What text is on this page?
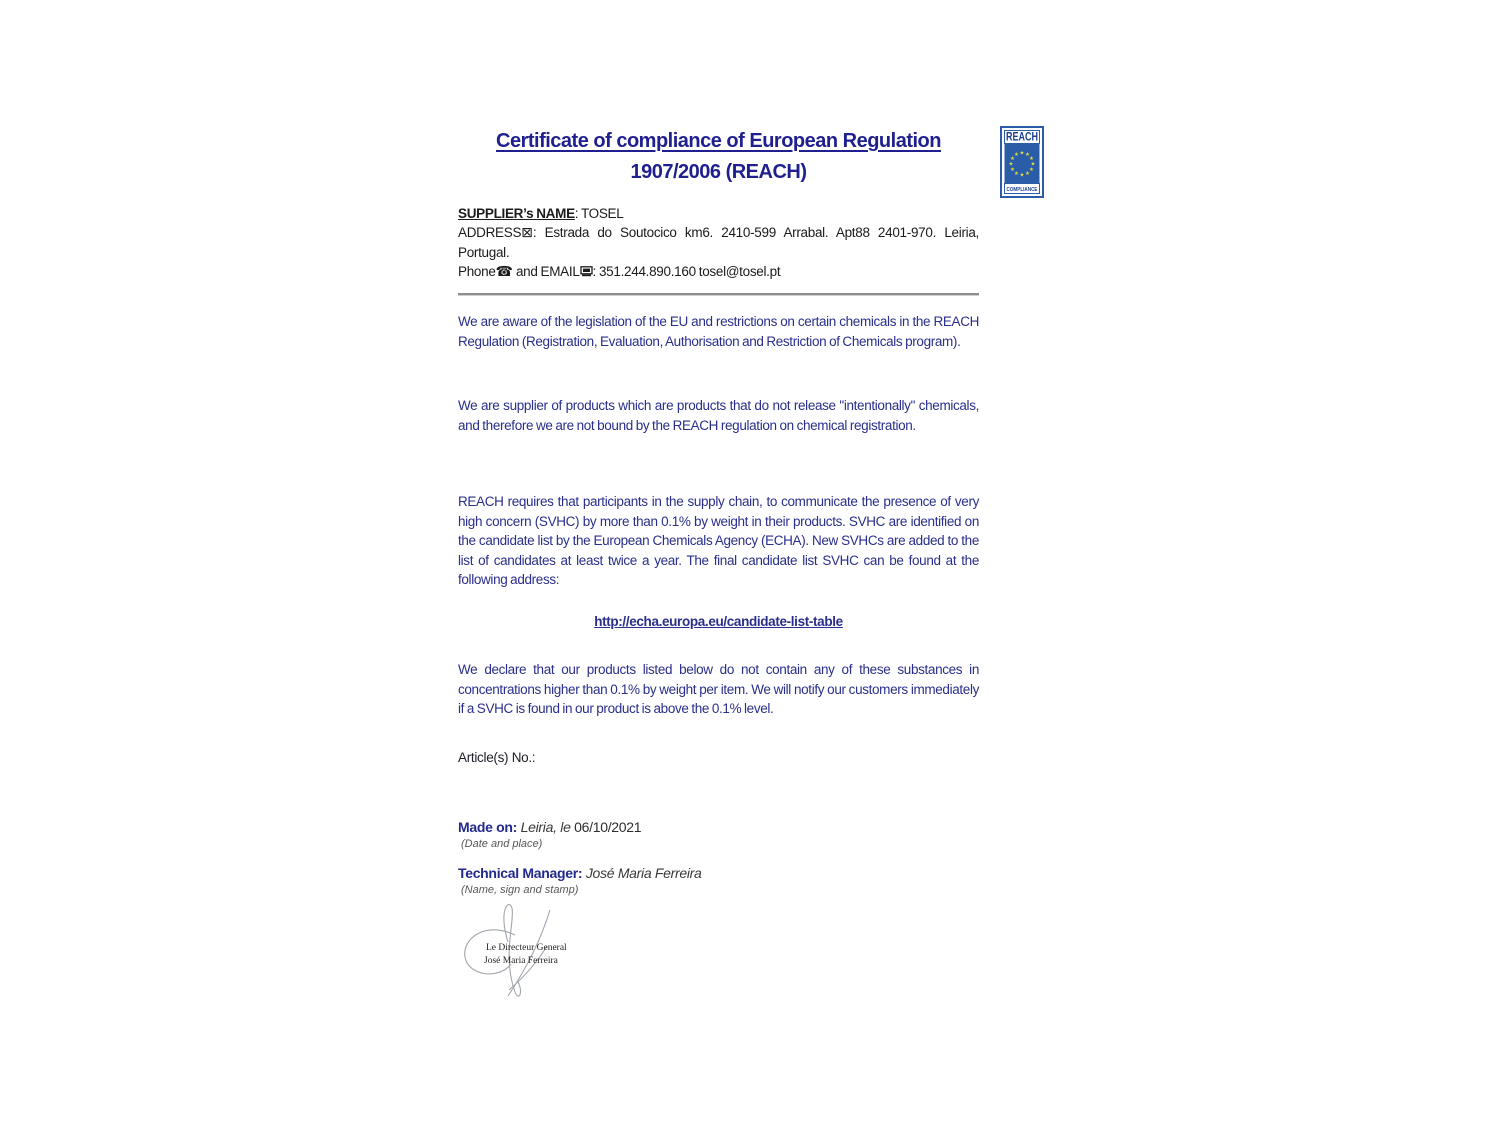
Certificate of compliance of European Regulation
1907/2006 (REACH)
REACH
★ ★
★
★
★
★
★
★
★
★
★
★
COMPLIANCE
SUPPLIER’s NAME: TOSEL
ADDRESS⊠: Estrada do Soutocico km6. 2410-599 Arrabal. Apt88 2401-970. Leiria, Portugal.
Phone☎ and EMAIL : 351.244.890.160 tosel@tosel.pt

We are aware of the legislation of the EU and restrictions on certain chemicals in the REACH Regulation (Registration, Evaluation, Authorisation and Restriction of Chemicals program).

We are supplier of products which are products that do not release "intentionally" chemicals, and therefore we are not bound by the REACH regulation on chemical registration.

REACH requires that participants in the supply chain, to communicate the presence of very high concern (SVHC) by more than 0.1% by weight in their products. SVHC are identified on the candidate list by the European Chemicals Agency (ECHA). New SVHCs are added to the list of candidates at least twice a year. The final candidate list SVHC can be found at the following address:

http://echa.europa.eu/candidate-list-table

We declare that our products listed below do not contain any of these substances in concentrations higher than 0.1% by weight per item. We will notify our customers immediately if a SVHC is found in our product is above the 0.1% level.

Article(s) No.:
Made on: Leiria, le 06/10/2021
(Date and place)
Technical Manager: José Maria Ferreira
(Name, sign and stamp)
Le Directeur General
José Maria Ferreira
